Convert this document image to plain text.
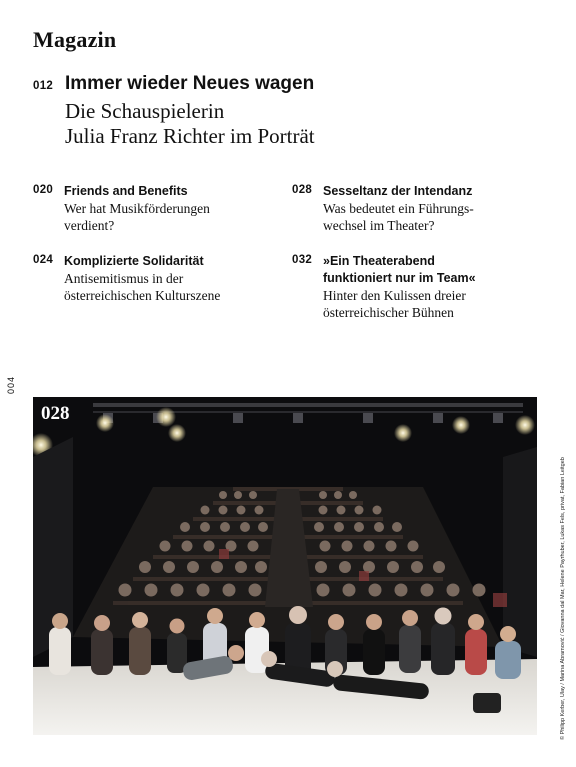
Magazin
012 Immer wieder Neues wagen
Die Schauspielerin
Julia Franz Richter im Porträt
020 Friends and Benefits
Wer hat Musikförderungen
verdient?
028 Sesseltanz der Intendanz
Was bedeutet ein Führungs-
wechsel im Theater?
024 Komplizierte Solidarität
Antisemitismus in der
österreichischen Kulturszene
032 »Ein Theaterabend
funktioniert nur im Team«
Hinter den Kulissen dreier
österreichischer Bühnen
004
028
© Philipp Kerber, Ulay / Marina Abramović / Giovanna dal Mar, Helene Payrhuber, Lukas Fels, privat, Fabian Leitgeb
